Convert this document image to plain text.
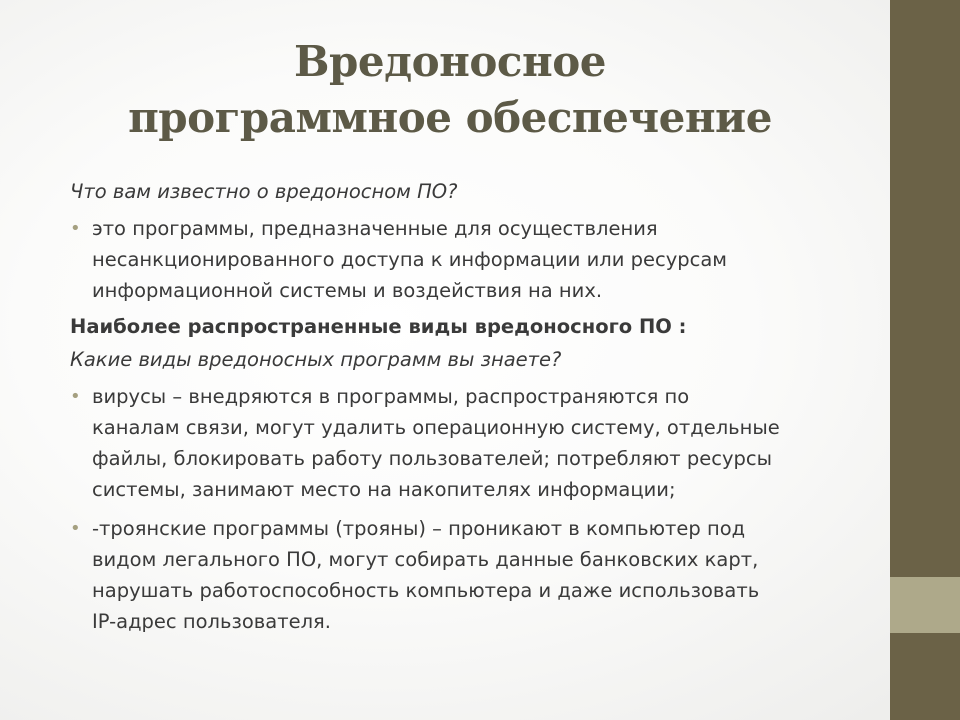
Вредоносное
программное обеспечение

Что вам известно о вредоносном ПО?

• это программы, предназначенные для осуществления

несанкционированного доступа к информации или ресурсам

информационной системы и воздействия на них.

Наиболее распространенные виды вредоносного ПО :

Какие виды вредоносных программ вы знаете?

• вирусы – внедряются в программы, распространяются по

каналам связи, могут удалить операционную систему, отдельные

файлы, блокировать работу пользователей; потребляют ресурсы

системы, занимают место на накопителях информации;

• -троянские программы (трояны) – проникают в компьютер под

видом легального ПО, могут собирать данные банковских карт,

нарушать работоспособность компьютера и даже использовать

IP-адрес пользователя.
